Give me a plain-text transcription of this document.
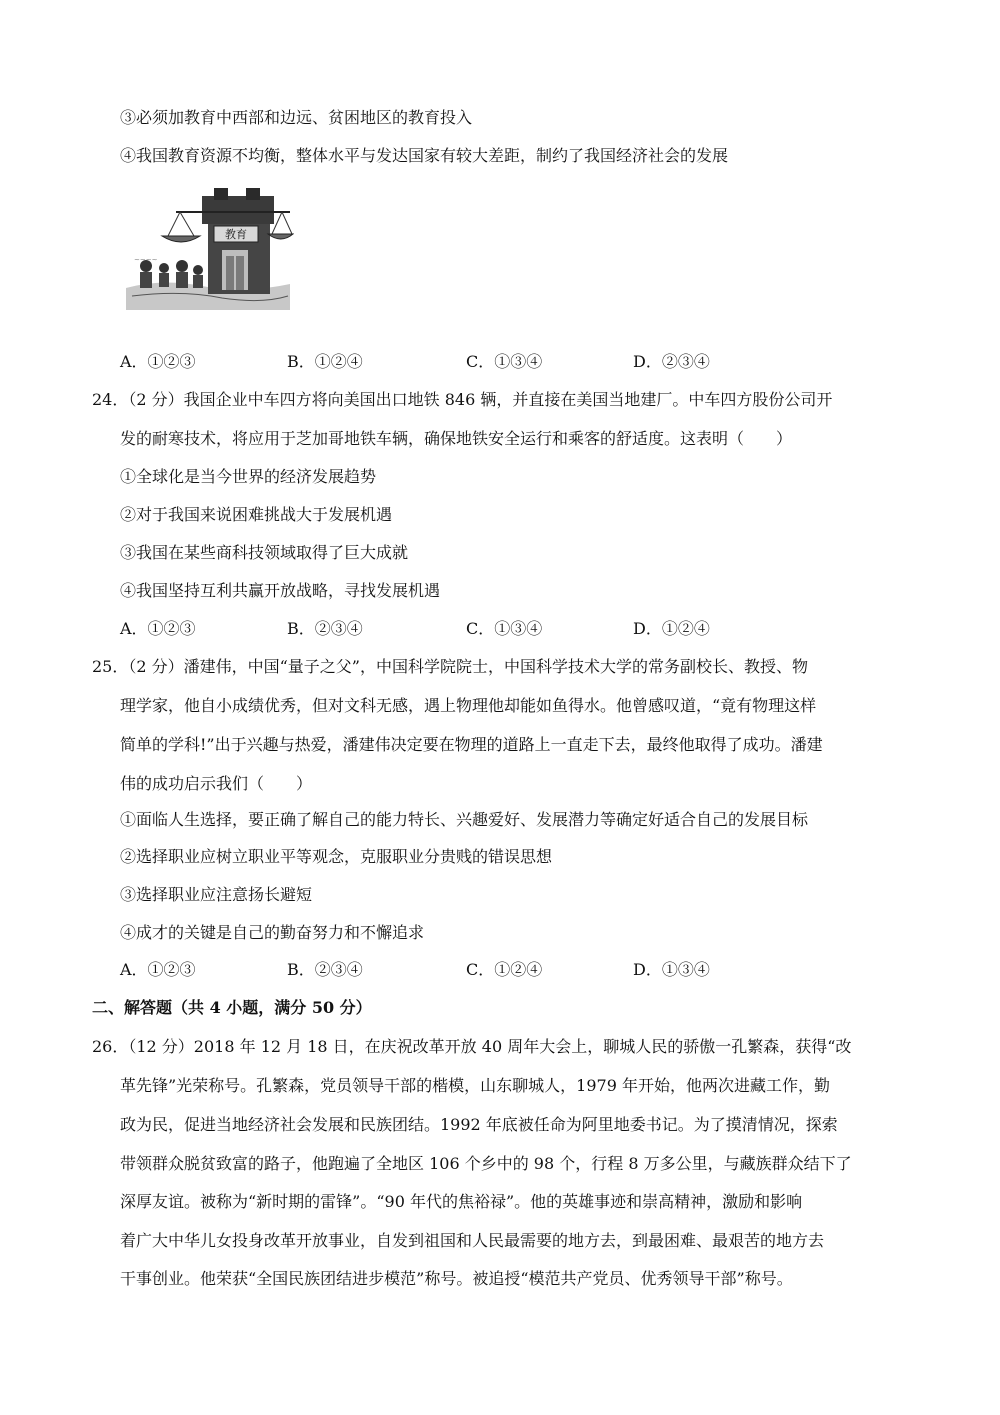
③必须加教育中西部和边远、贫困地区的教育投入
④我国教育资源不均衡，整体水平与发达国家有较大差距，制约了我国经济社会的发展
教育
~~~~
A．①②③	B．①②④	C．①③④	D．②③④
24．（2 分）我国企业中车四方将向美国出口地铁 846 辆，并直接在美国当地建厂。中车四方股份公司开
发的耐寒技术，将应用于芝加哥地铁车辆，确保地铁安全运行和乘客的舒适度。这表明（　　）
①全球化是当今世界的经济发展趋势
②对于我国来说困难挑战大于发展机遇
③我国在某些商科技领域取得了巨大成就
④我国坚持互利共赢开放战略，寻找发展机遇
A．①②③	B．②③④	C．①③④	D．①②④
25．（2 分）潘建伟，中国“量子之父”，中国科学院院士，中国科学技术大学的常务副校长、教授、物
理学家，他自小成绩优秀，但对文科无感，遇上物理他却能如鱼得水。他曾感叹道，“竟有物理这样
简单的学科!”出于兴趣与热爱，潘建伟决定要在物理的道路上一直走下去，最终他取得了成功。潘建
伟的成功启示我们（　　）
①面临人生选择，要正确了解自己的能力特长、兴趣爱好、发展潜力等确定好适合自己的发展目标
②选择职业应树立职业平等观念，克服职业分贵贱的错误思想
③选择职业应注意扬长避短
④成才的关键是自己的勤奋努力和不懈追求
A．①②③	B．②③④	C．①②④	D．①③④
二、解答题（共 4 小题，满分 50 分）
26．（12 分）2018 年 12 月 18 日，在庆祝改革开放 40 周年大会上，聊城人民的骄傲一孔繁森，获得“改
革先锋”光荣称号。孔繁森，党员领导干部的楷模，山东聊城人，1979 年开始，他两次进藏工作，勤
政为民，促进当地经济社会发展和民族团结。1992 年底被任命为阿里地委书记。为了摸清情况，探索
带领群众脱贫致富的路子，他跑遍了全地区 106 个乡中的 98 个，行程 8 万多公里，与藏族群众结下了
深厚友谊。被称为“新时期的雷锋”。“90 年代的焦裕禄”。他的英雄事迹和崇高精神，激励和影响
着广大中华儿女投身改革开放事业，自发到祖国和人民最需要的地方去，到最困难、最艰苦的地方去
干事创业。他荣获“全国民族团结进步模范”称号。被追授“模范共产党员、优秀领导干部”称号。
